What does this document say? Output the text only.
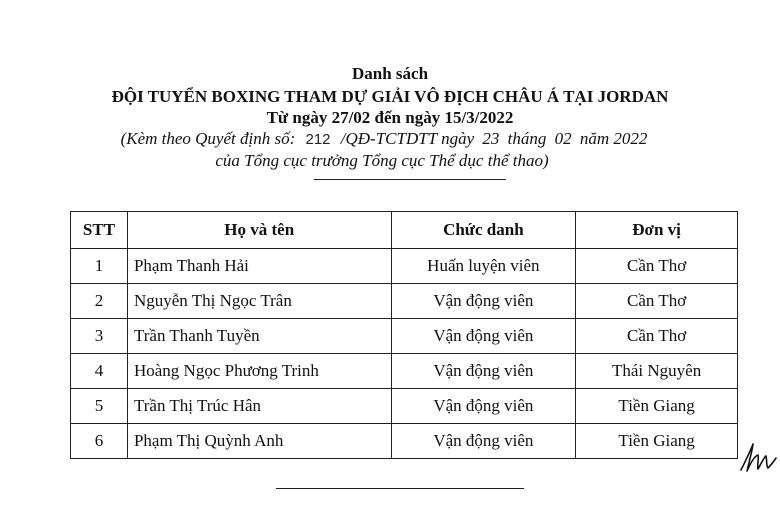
Danh sách
ĐỘI TUYỂN BOXING THAM DỰ GIẢI VÔ ĐỊCH CHÂU Á TẠI JORDAN
Từ ngày 27/02 đến ngày 15/3/2022
(Kèm theo Quyết định số: 212 /QĐ-TCTDTT ngày 23 tháng 02 năm 2022
của Tổng cục trưởng Tổng cục Thể dục thể thao)
STT	Họ và tên	Chức danh	Đơn vị
1	Phạm Thanh Hải	Huấn luyện viên	Cần Thơ
2	Nguyễn Thị Ngọc Trân	Vận động viên	Cần Thơ
3	Trần Thanh Tuyền	Vận động viên	Cần Thơ
4	Hoàng Ngọc Phương Trinh	Vận động viên	Thái Nguyên
5	Trần Thị Trúc Hân	Vận động viên	Tiền Giang
6	Phạm Thị Quỳnh Anh	Vận động viên	Tiền Giang
